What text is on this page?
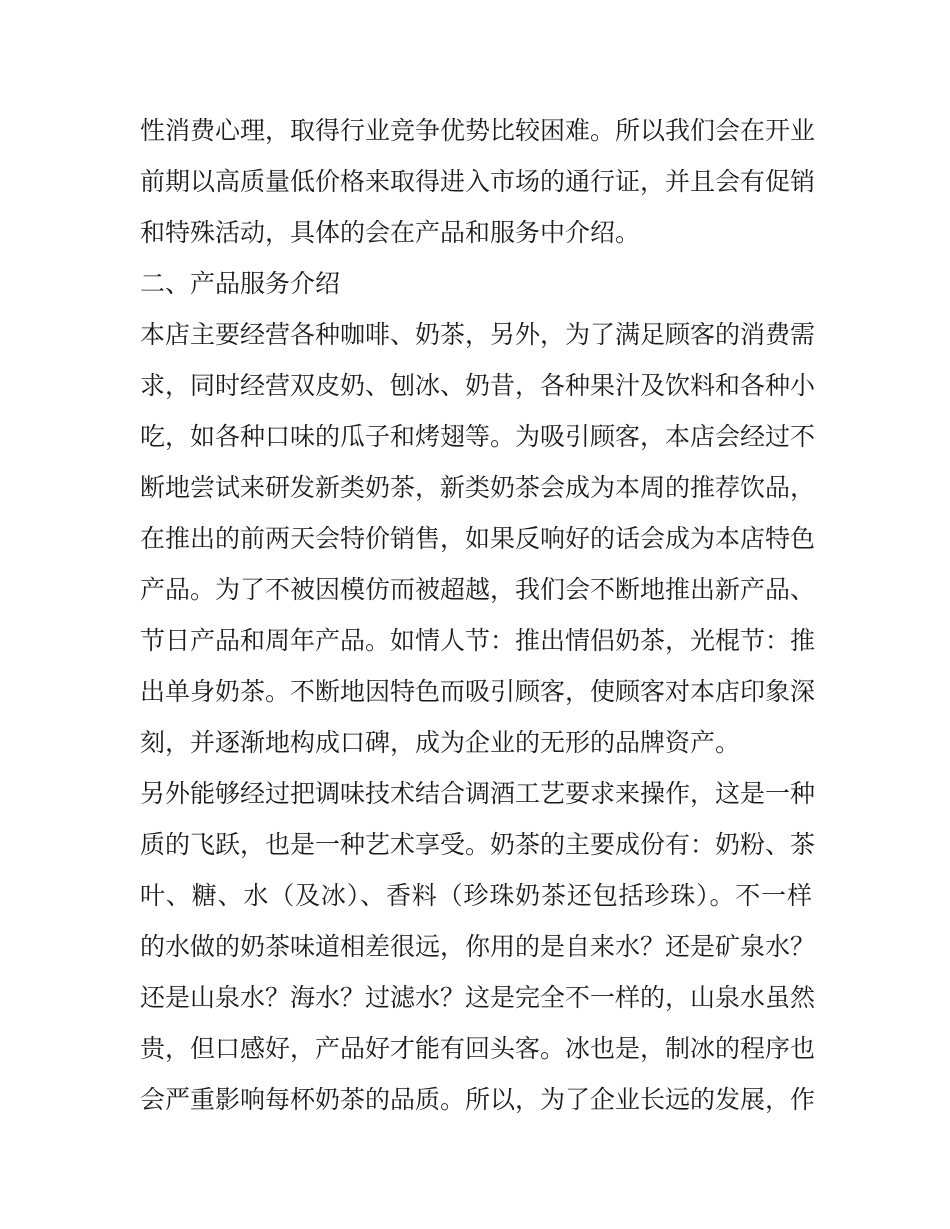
性消费心理，取得行业竞争优势比较困难。所以我们会在开业
前期以高质量低价格来取得进入市场的通行证，并且会有促销
和特殊活动，具体的会在产品和服务中介绍。

二、产品服务介绍

本店主要经营各种咖啡、奶茶，另外，为了满足顾客的消费需
求，同时经营双皮奶、刨冰、奶昔，各种果汁及饮料和各种小
吃，如各种口味的瓜子和烤翅等。为吸引顾客，本店会经过不
断地尝试来研发新类奶茶，新类奶茶会成为本周的推荐饮品，
在推出的前两天会特价销售，如果反响好的话会成为本店特色
产品。为了不被因模仿而被超越，我们会不断地推出新产品、
节日产品和周年产品。如情人节：推出情侣奶茶，光棍节：推
出单身奶茶。不断地因特色而吸引顾客，使顾客对本店印象深
刻，并逐渐地构成口碑，成为企业的无形的品牌资产。

另外能够经过把调味技术结合调酒工艺要求来操作，这是一种
质的飞跃，也是一种艺术享受。奶茶的主要成份有：奶粉、茶
叶、糖、水（及冰）、香料（珍珠奶茶还包括珍珠）。不一样
的水做的奶茶味道相差很远，你用的是自来水？还是矿泉水？
还是山泉水？海水？过滤水？这是完全不一样的，山泉水虽然
贵，但口感好，产品好才能有回头客。冰也是，制冰的程序也
会严重影响每杯奶茶的品质。所以，为了企业长远的发展，作
